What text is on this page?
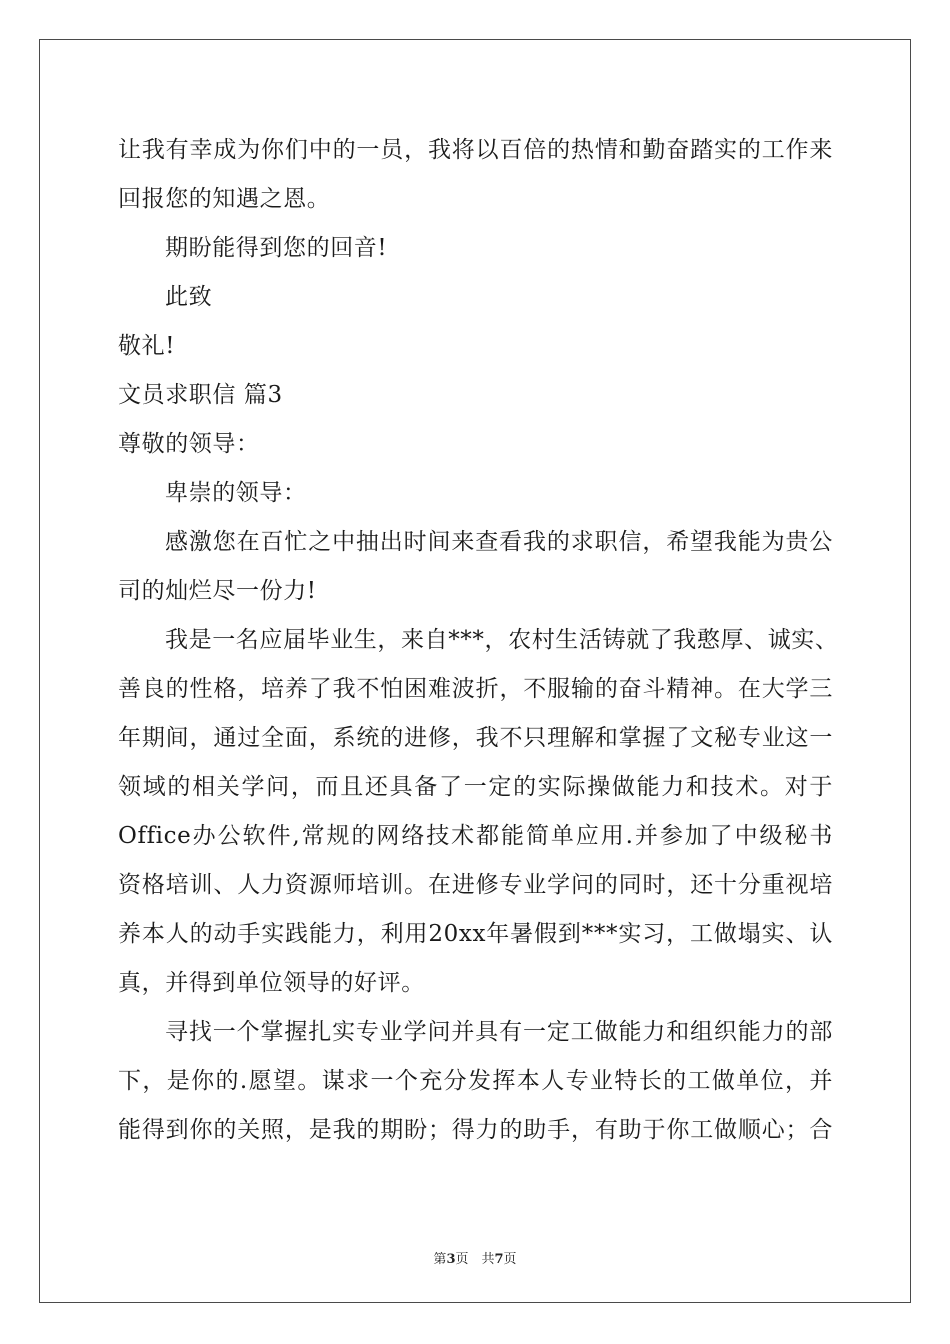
让我有幸成为你们中的一员，我将以百倍的热情和勤奋踏实的工作来
回报您的知遇之恩。
期盼能得到您的回音!
此致
敬礼!
文员求职信 篇3
尊敬的领导：
卑崇的领导：
感激您在百忙之中抽出时间来查看我的求职信，希望我能为贵公
司的灿烂尽一份力!
我是一名应届毕业生，来自***，农村生活铸就了我憨厚、诚实、
善良的性格，培养了我不怕困难波折，不服输的奋斗精神。在大学三
年期间，通过全面，系统的进修，我不只理解和掌握了文秘专业这一
领域的相关学问，而且还具备了一定的实际操做能力和技术。对于
Office办公软件,常规的网络技术都能简单应用.并参加了中级秘书
资格培训、人力资源师培训。在进修专业学问的同时，还十分重视培
养本人的动手实践能力，利用20xx年暑假到***实习，工做塌实、认
真，并得到单位领导的好评。
寻找一个掌握扎实专业学问并具有一定工做能力和组织能力的部
下，是你的.愿望。谋求一个充分发挥本人专业特长的工做单位，并
能得到你的关照，是我的期盼；得力的助手，有助于你工做顺心；合
第3页　共7页
